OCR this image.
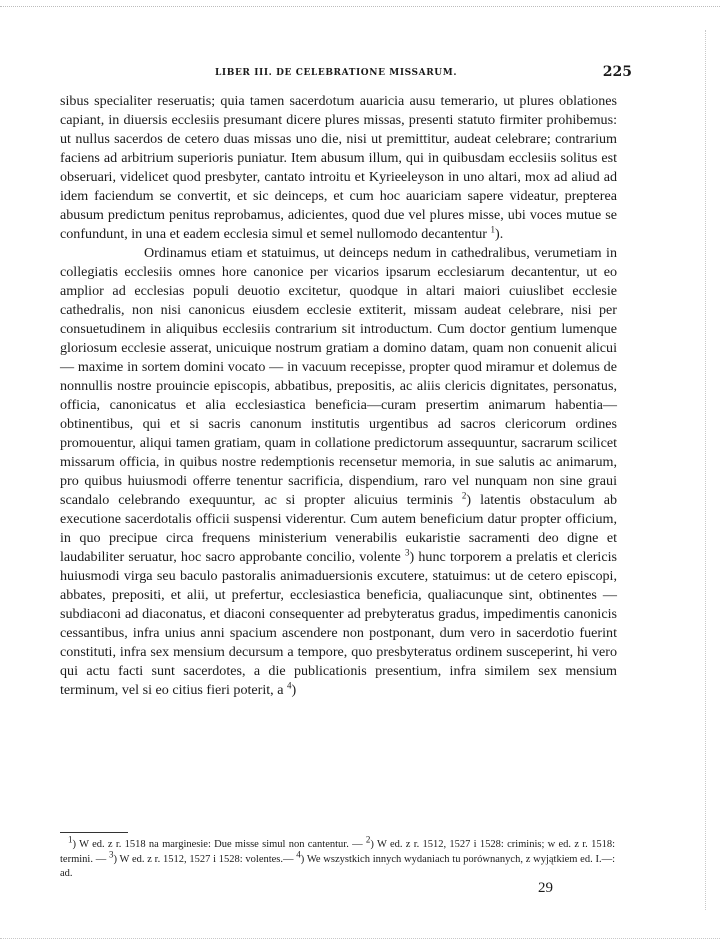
LIBER III. DE CELEBRATIONE MISSARUM.	225

sibus specialiter reseruatis; quia tamen sacerdotum auaricia ausu temerario, ut plures oblationes capiant, in diuersis ecclesiis presumant dicere plures missas, presenti statuto firmiter prohibemus: ut nullus sacerdos de cetero duas missas uno die, nisi ut premittitur, audeat celebrare; contrarium faciens ad arbitrium superioris puniatur. Item abusum illum, qui in quibusdam ecclesiis solitus est obseruari, videlicet quod presbyter, cantato introitu et Kyrieeleyson in uno altari, mox ad aliud ad idem faciendum se convertit, et sic deinceps, et cum hoc auariciam sapere videatur, prepterea abusum predictum penitus reprobamus, adicientes, quod due vel plures misse, ubi voces mutue se confundunt, in una et eadem ecclesia simul et semel nullomodo decantentur $^1$).

Ordinamus etiam et statuimus, ut deinceps nedum in cathedralibus, verumetiam in collegiatis ecclesiis omnes hore canonice per vicarios ipsarum ecclesiarum decantentur, ut eo amplior ad ecclesias populi deuotio excitetur, quodque in altari maiori cuiuslibet ecclesie cathedralis, non nisi canonicus eiusdem ecclesie extiterit, missam audeat celebrare, nisi per consuetudinem in aliquibus ecclesiis contrarium sit introductum. Cum doctor gentium lumenque gloriosum ecclesie asserat, unicuique nostrum gratiam a domino datam, quam non conuenit alicui— maxime in sortem domini vocato — in vacuum recepisse, propter quod miramur et dolemus de nonnullis nostre prouincie episcopis, abbatibus, prepositis, ac aliis clericis dignitates, personatus, officia, canonicatus et alia ecclesiastica beneficia—curam presertim animarum habentia—obtinentibus, qui et si sacris canonum institutis urgentibus ad sacros clericorum ordines promouentur, aliqui tamen gratiam, quam in collatione predictorum assequuntur, sacrarum scilicet missarum officia, in quibus nostre redemptionis recensetur memoria, in sue salutis ac animarum, pro quibus huiusmodi offerre tenentur sacrificia, dispendium, raro vel nunquam non sine graui scandalo celebrando exequuntur, ac si propter alicuius terminis $^2$) latentis obstaculum ab executione sacerdotalis officii suspensi viderentur. Cum autem beneficium datur propter officium, in quo precipue circa frequens ministerium venerabilis eukaristie sacramenti deo digne et laudabiliter seruatur, hoc sacro approbante concilio, volente $^3$) hunc torporem a prelatis et clericis huiusmodi virga seu baculo pastoralis animaduersionis excutere, statuimus: ut de cetero episcopi, abbates, prepositi, et alii, ut prefertur, ecclesiastica beneficia, qualiacunque sint, obtinentes — subdiaconi ad diaconatus, et diaconi consequenter ad prebyteratus gradus, impedimentis canonicis cessantibus, infra unius anni spacium ascendere non postponant, dum vero in sacerdotio fuerint constituti, infra sex mensium decursum a tempore, quo presbyteratus ordinem susceperint, hi vero qui actu facti sunt sacerdotes, a die publicationis presentium, infra similem sex mensium terminum, vel si eo citius fieri poterit, a $^4$)

1) W ed. z r. 1518 na marginesie: Due misse simul non cantentur. — 2) W ed. z r. 1512, 1527 i 1528: criminis; w ed. z r. 1518: termini. — 3) W ed. z r. 1512, 1527 i 1528: volentes.— 4) We wszystkich innych wydaniach tu porównanych, z wyjątkiem ed. I.—: ad.

29
